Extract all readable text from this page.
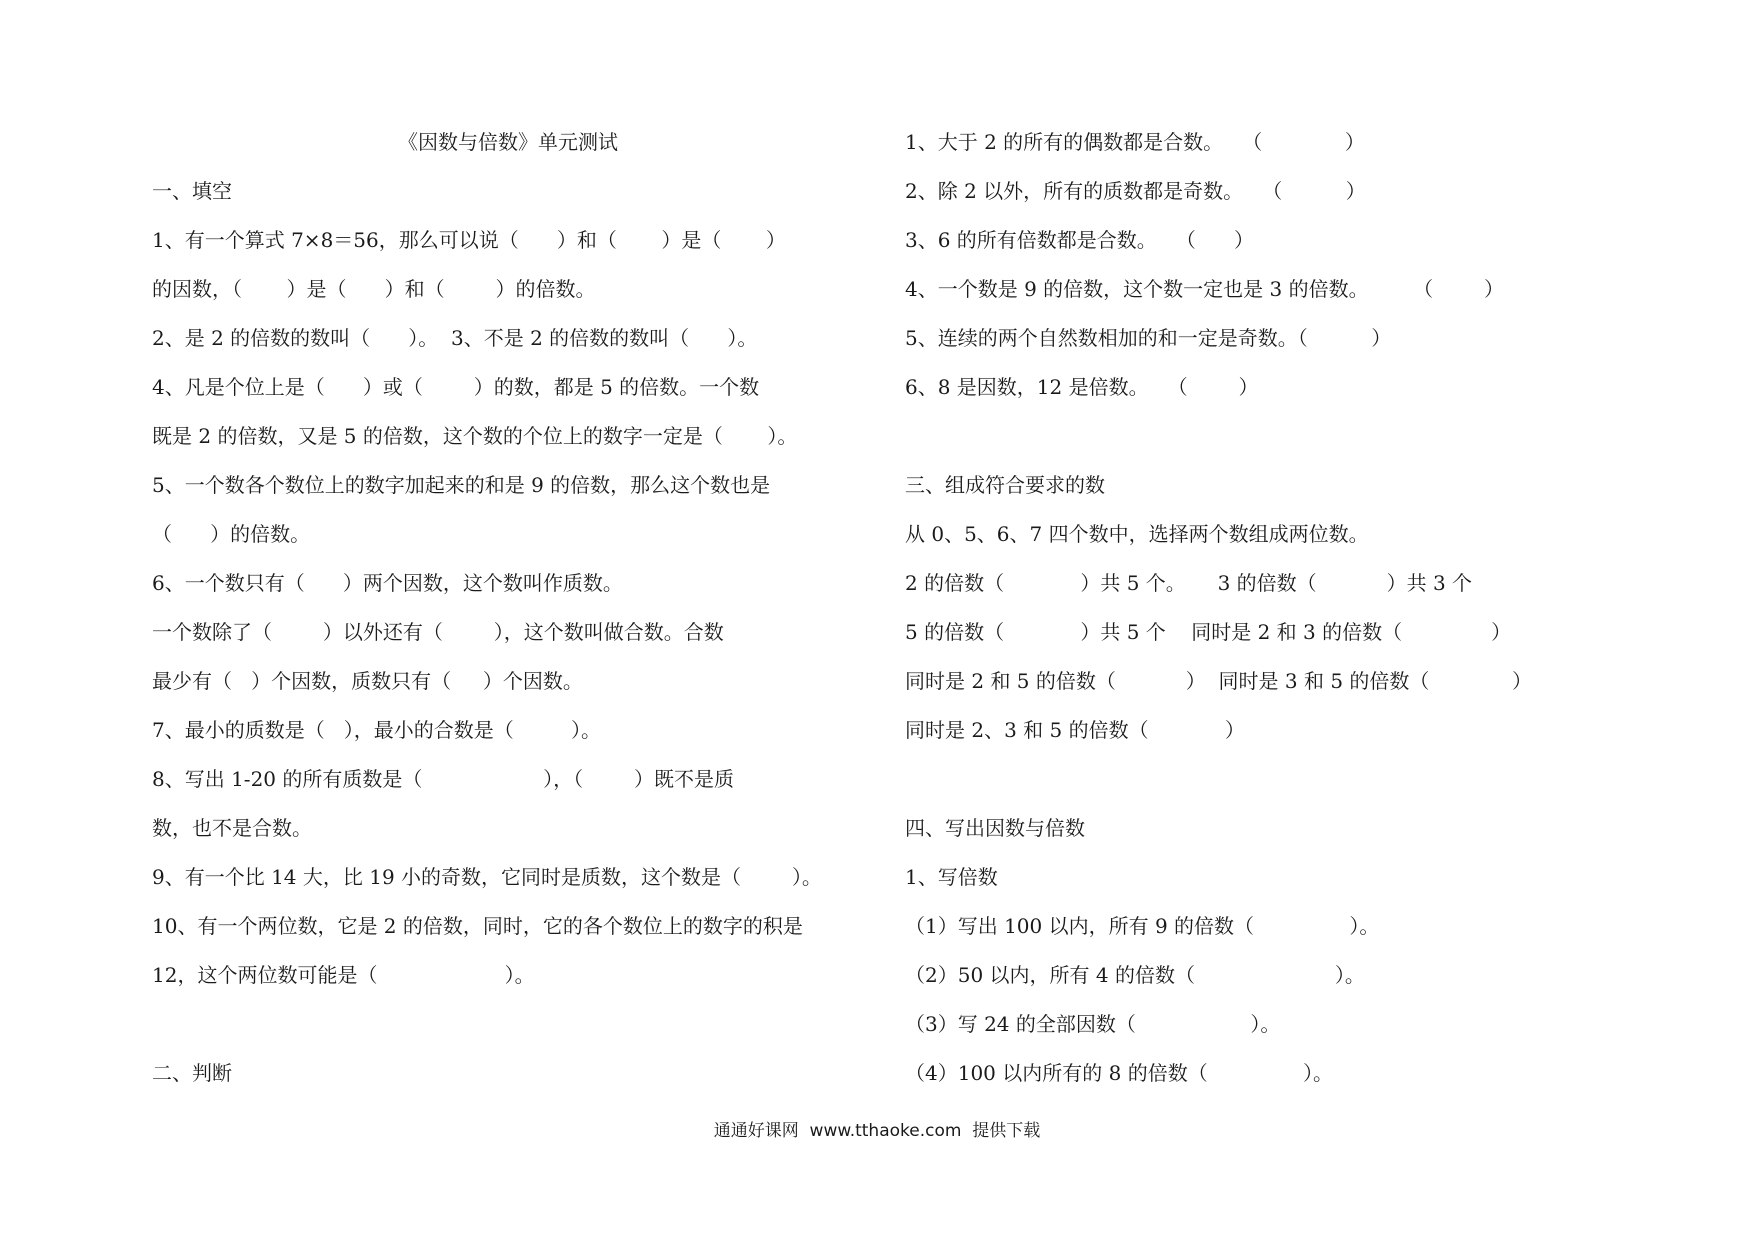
《因数与倍数》单元测试
一、填空
1、有一个算式 7×8＝56，那么可以说（      ）和（       ）是（       ）
的因数，（       ）是（      ）和（        ）的倍数。
2、是 2 的倍数的数叫（      ）。  3、不是 2 的倍数的数叫（      ）。
4、凡是个位上是（      ）或（        ）的数，都是 5 的倍数。一个数
既是 2 的倍数，又是 5 的倍数，这个数的个位上的数字一定是（       ）。
5、一个数各个数位上的数字加起来的和是 9 的倍数，那么这个数也是
（      ）的倍数。
6、一个数只有（      ）两个因数，这个数叫作质数。
一个数除了（        ）以外还有（        ），这个数叫做合数。合数
最少有（   ）个因数，质数只有（     ）个因数。
7、最小的质数是（   ），最小的合数是（         ）。
8、写出 1-20 的所有质数是（                   ），（        ）既不是质
数，也不是合数。
9、有一个比 14 大，比 19 小的奇数，它同时是质数，这个数是（        ）。
10、有一个两位数，它是 2 的倍数，同时，它的各个数位上的数字的积是
12，这个两位数可能是（                    ）。
二、判断
1、大于 2 的所有的偶数都是合数。   （             ）
2、除 2 以外，所有的质数都是奇数。   （          ）
3、6 的所有倍数都是合数。   （      ）
4、一个数是 9 的倍数，这个数一定也是 3 的倍数。       （        ）
5、连续的两个自然数相加的和一定是奇数。（          ）
6、8 是因数，12 是倍数。   （        ）
三、组成符合要求的数
从 0、5、6、7 四个数中，选择两个数组成两位数。
2 的倍数（            ）共 5 个。     3 的倍数（           ）共 3 个
5 的倍数（            ）共 5 个    同时是 2 和 3 的倍数（              ）
同时是 2 和 5 的倍数（           ）  同时是 3 和 5 的倍数（             ）
同时是 2、3 和 5 的倍数（            ）
四、写出因数与倍数
1、写倍数
（1）写出 100 以内，所有 9 的倍数（               ）。
（2）50 以内，所有 4 的倍数（                      ）。
（3）写 24 的全部因数（                  ）。
（4）100 以内所有的 8 的倍数（               ）。
通通好课网  www.tthaoke.com  提供下载
